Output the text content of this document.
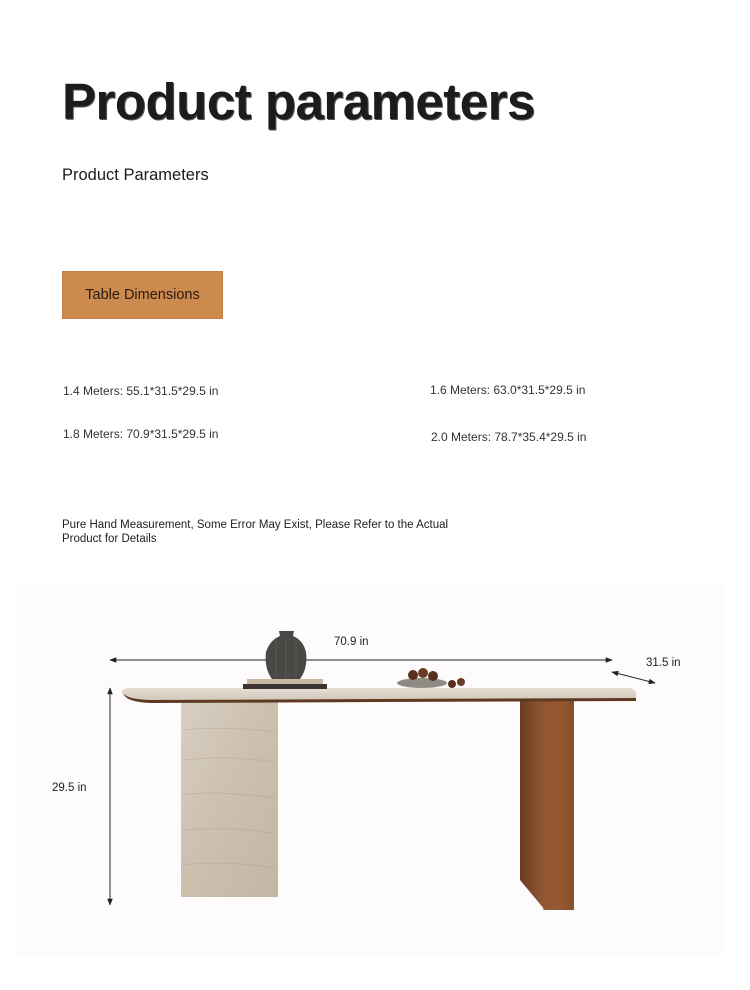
Product parameters
Product Parameters
Table Dimensions
1.4 Meters: 55.1*31.5*29.5 in	1.6 Meters: 63.0*31.5*29.5 in
1.8 Meters: 70.9*31.5*29.5 in	2.0 Meters: 78.7*35.4*29.5 in
Pure Hand Measurement, Some Error May Exist, Please Refer to the Actual Product for Details
70.9 in
31.5 in
29.5 in
